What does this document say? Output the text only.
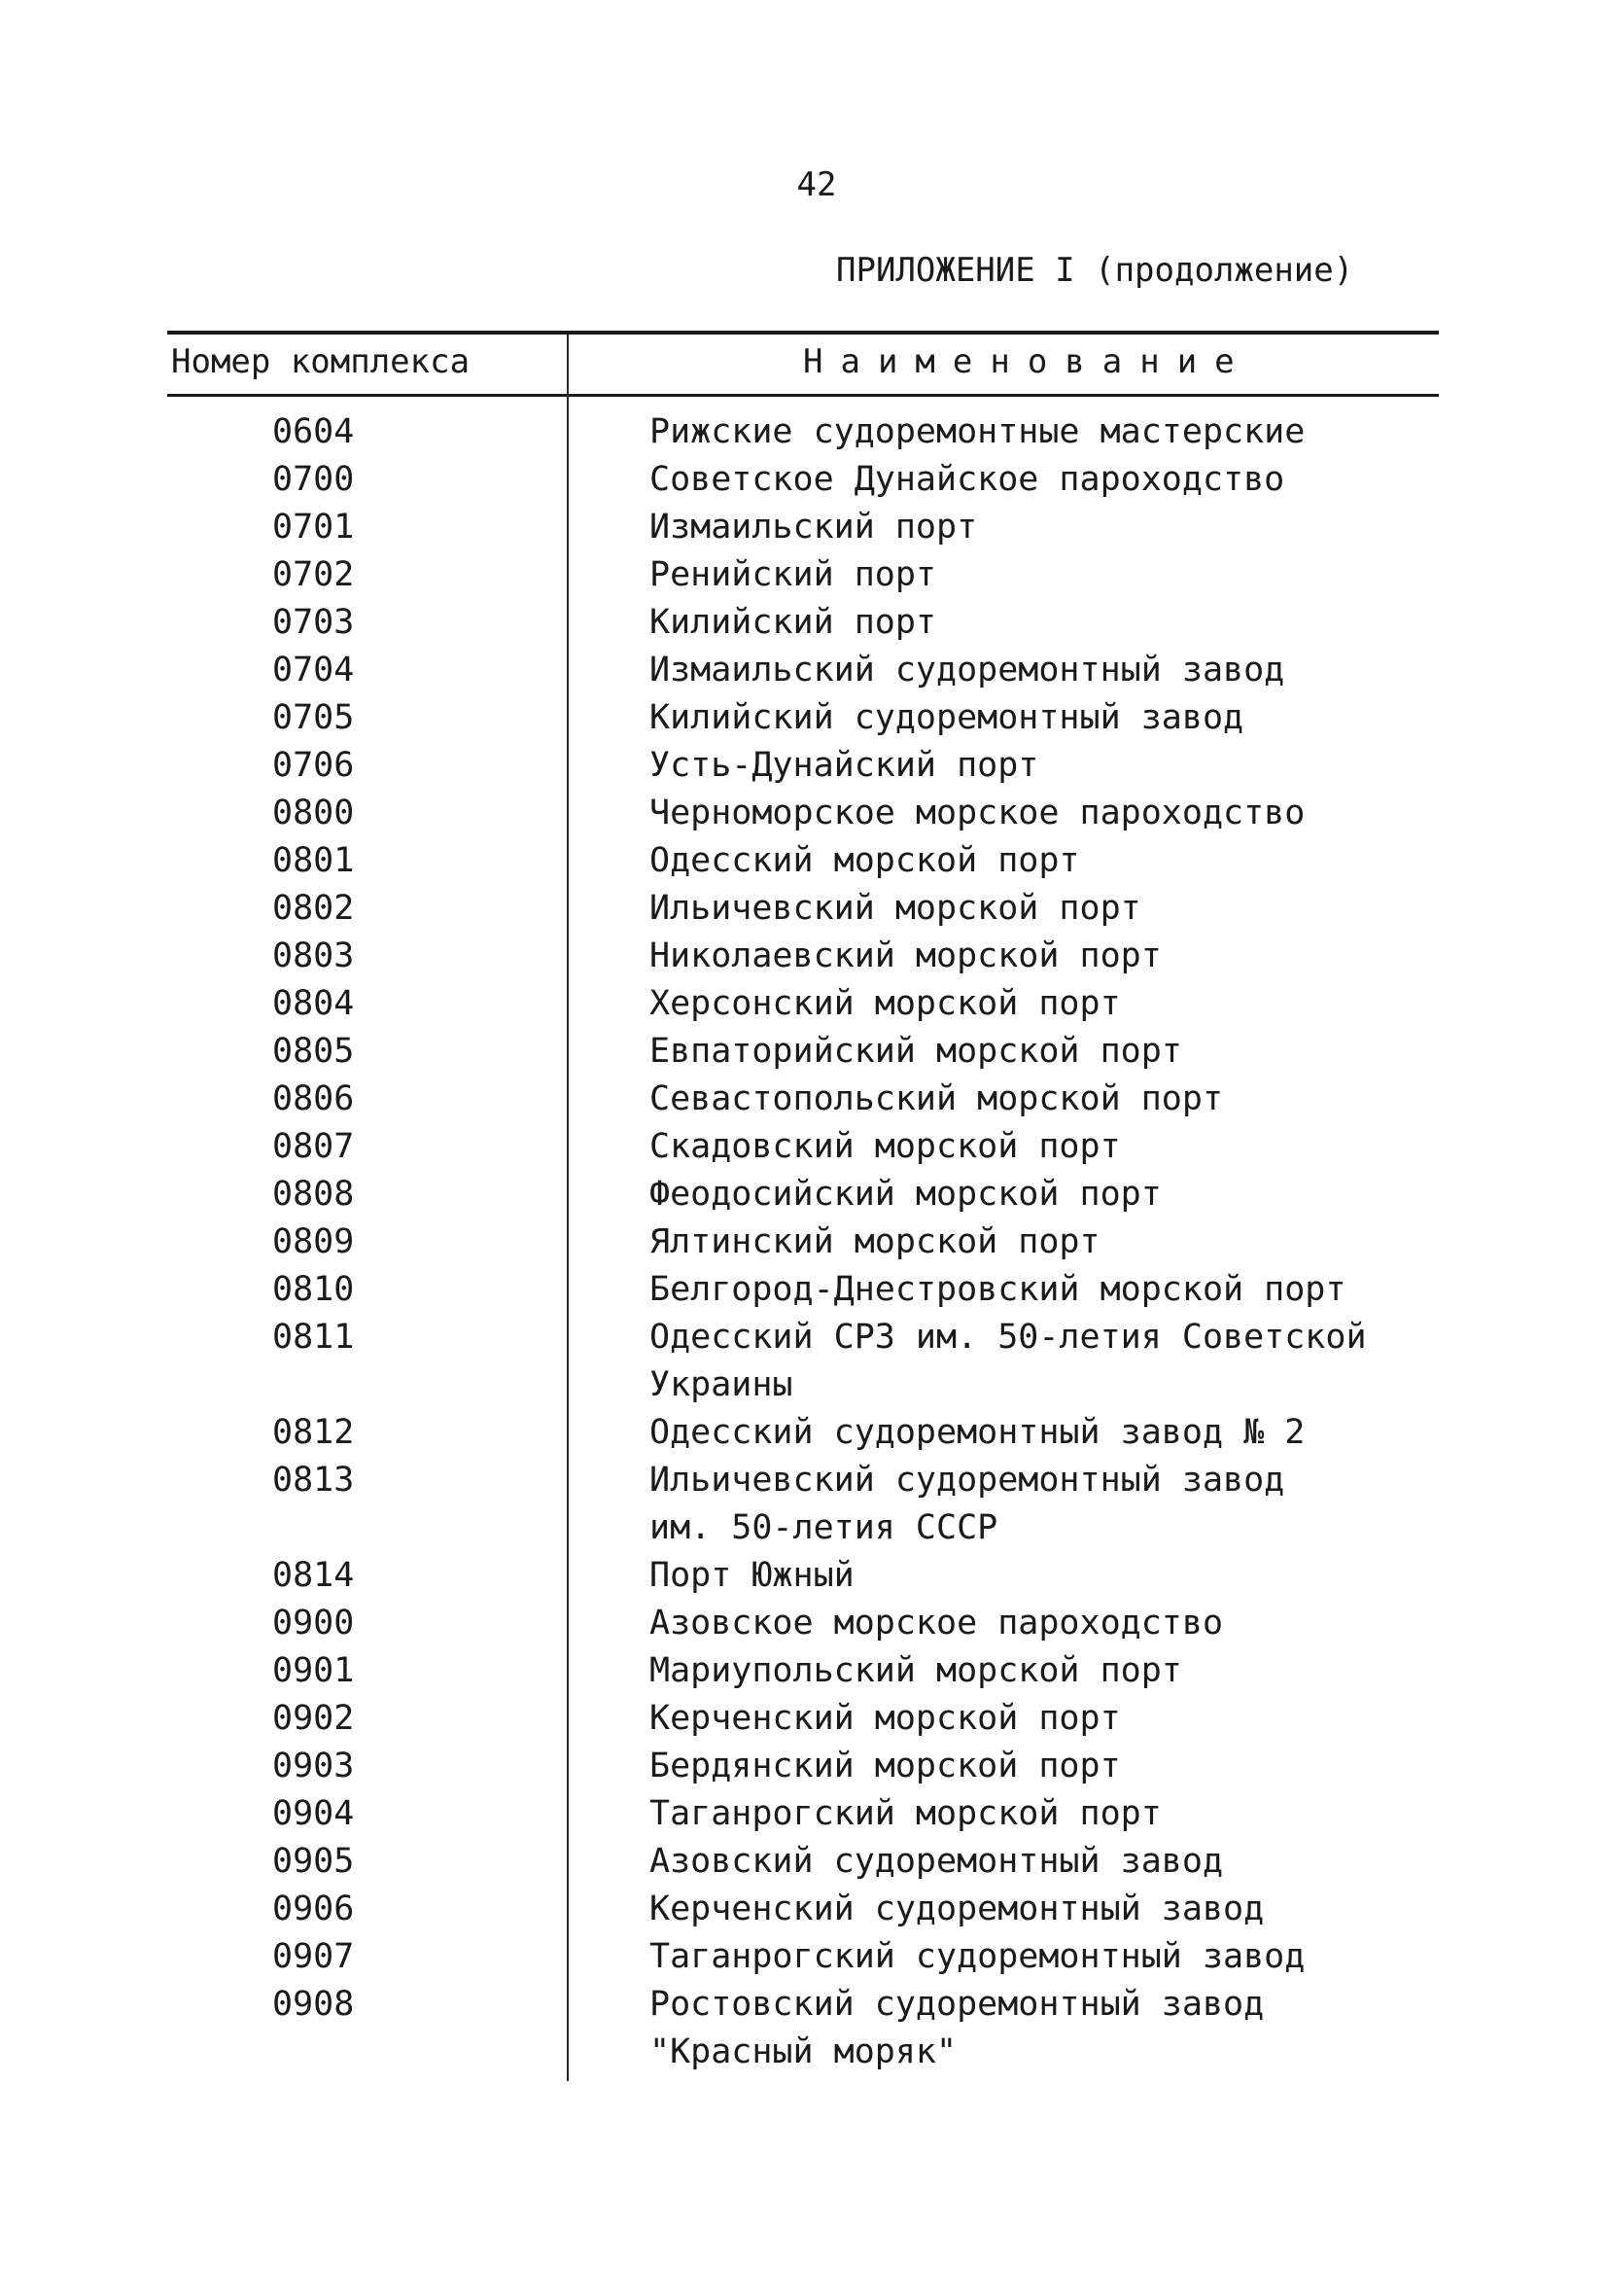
42
ПРИЛОЖЕНИЕ I (продолжение)
Номер комплекса	Наименование
0604	Рижские судоремонтные мастерские
0700	Советское Дунайское пароходство
0701	Измаильский порт
0702	Ренийский порт
0703	Килийский порт
0704	Измаильский судоремонтный завод
0705	Килийский судоремонтный завод
0706	Усть-Дунайский порт
0800	Черноморское морское пароходство
0801	Одесский морской порт
0802	Ильичевский морской порт
0803	Николаевский морской порт
0804	Херсонский морской порт
0805	Евпаторийский морской порт
0806	Севастопольский морской порт
0807	Скадовский морской порт
0808	Феодосийский морской порт
0809	Ялтинский морской порт
0810	Белгород-Днестровский морской порт
0811	Одесский СРЗ им. 50-летия Советской
Украины
0812	Одесский судоремонтный завод № 2
0813	Ильичевский судоремонтный завод
им. 50-летия СССР
0814	Порт Южный
0900	Азовское морское пароходство
0901	Мариупольский морской порт
0902	Керченский морской порт
0903	Бердянский морской порт
0904	Таганрогский морской порт
0905	Азовский судоремонтный завод
0906	Керченский судоремонтный завод
0907	Таганрогский судоремонтный завод
0908	Ростовский судоремонтный завод
"Красный моряк"
